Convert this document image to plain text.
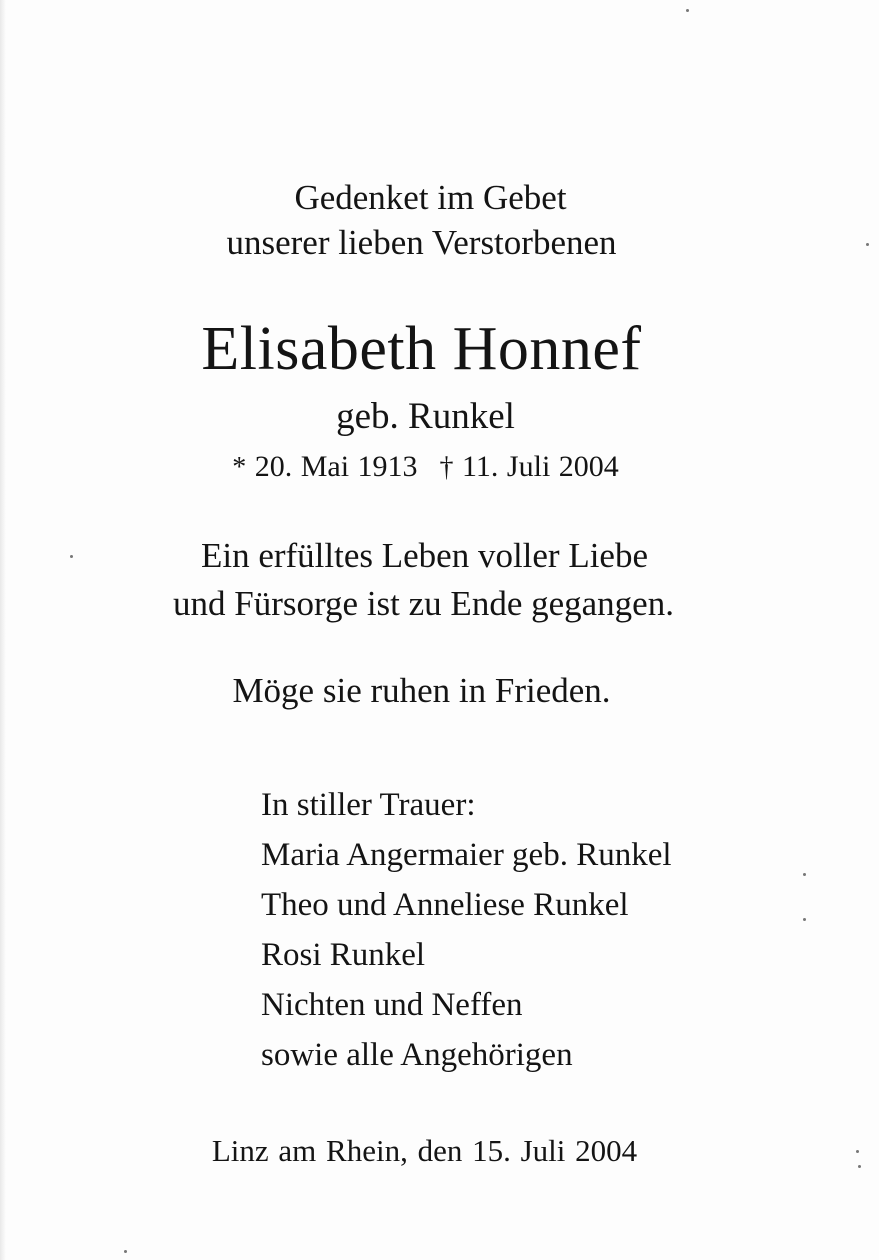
Gedenket im Gebet
unserer lieben Verstorbenen
Elisabeth Honnef
geb. Runkel
* 20. Mai 1913 † 11. Juli 2004
Ein erfülltes Leben voller Liebe
und Fürsorge ist zu Ende gegangen.
Möge sie ruhen in Frieden.
In stiller Trauer:
Maria Angermaier geb. Runkel
Theo und Anneliese Runkel
Rosi Runkel
Nichten und Neffen
sowie alle Angehörigen
Linz am Rhein, den 15. Juli 2004
